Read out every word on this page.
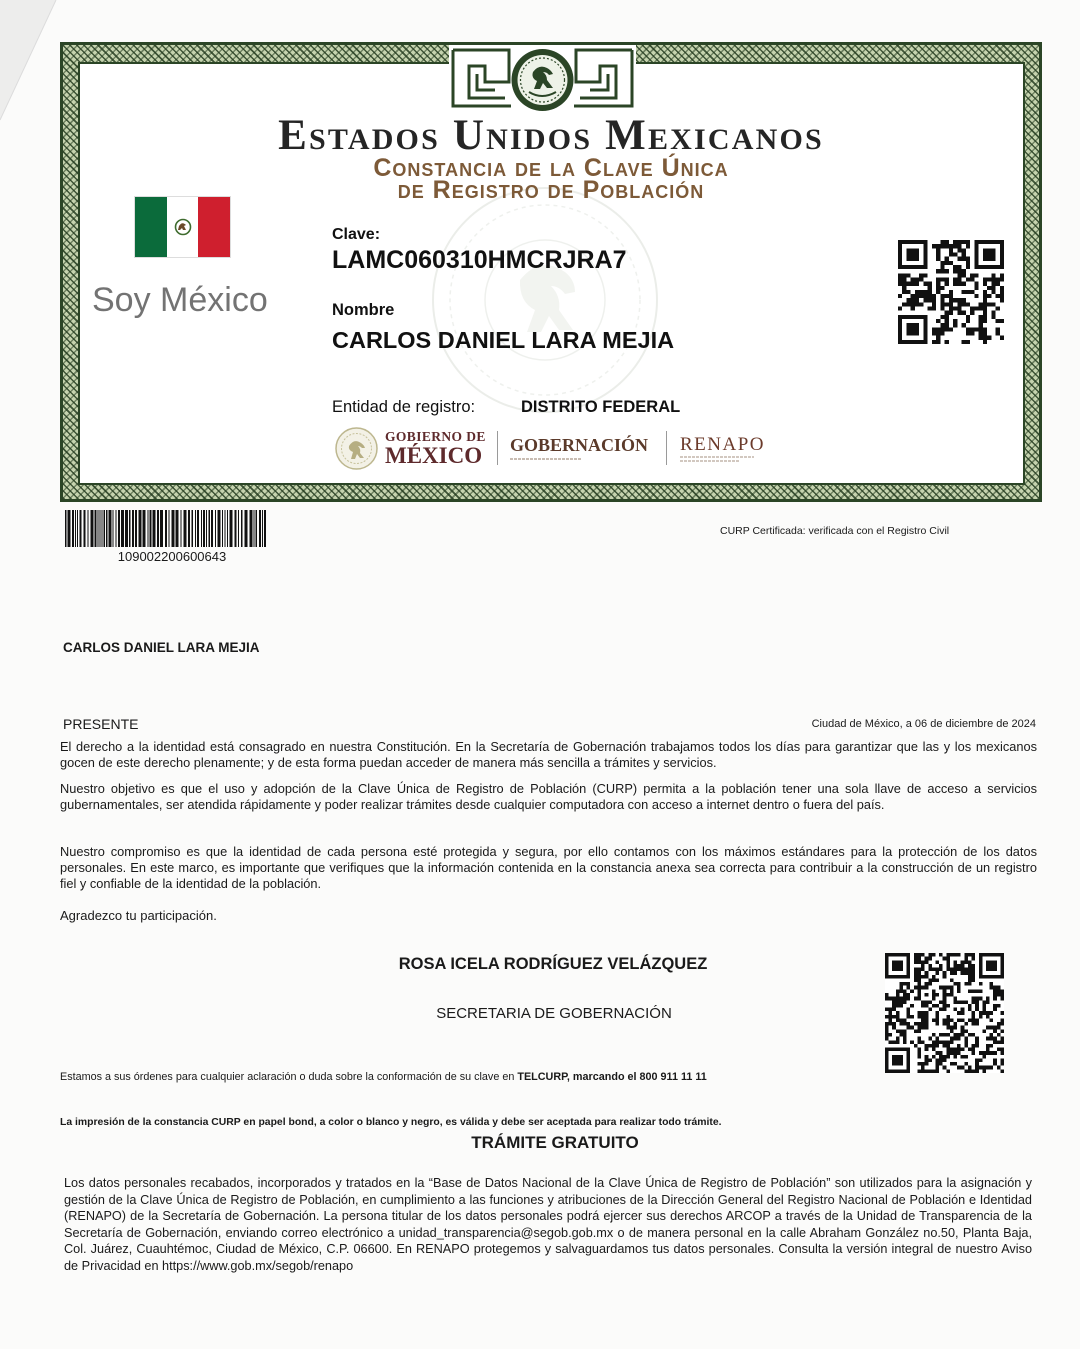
Estados Unidos Mexicanos
Constancia de la Clave Única
de Registro de Población
Soy México
Clave:
LAMC060310HMCRJRA7
Nombre
CARLOS DANIEL LARA MEJIA
Entidad de registro:	DISTRITO FEDERAL
GOBIERNO DE
MÉXICO GOBERNACIÓN RENAPO
109002200600643
CURP Certificada: verificada con el Registro Civil
CARLOS DANIEL LARA MEJIA
PRESENTE	Ciudad de México, a 06 de diciembre de 2024
El derecho a la identidad está consagrado en nuestra Constitución. En la Secretaría de Gobernación trabajamos todos los días para garantizar que las y los mexicanos gocen de este derecho plenamente; y de esta forma puedan acceder de manera más sencilla a trámites y servicios.
Nuestro objetivo es que el uso y adopción de la Clave Única de Registro de Población (CURP) permita a la población tener una sola llave de acceso a servicios gubernamentales, ser atendida rápidamente y poder realizar trámites desde cualquier computadora con acceso a internet dentro o fuera del país.
Nuestro compromiso es que la identidad de cada persona esté protegida y segura, por ello contamos con los máximos estándares para la protección de los datos personales. En este marco, es importante que verifiques que la información contenida en la constancia anexa sea correcta para contribuir a la construcción de un registro fiel y confiable de la identidad de la población.
Agradezco tu participación.
ROSA ICELA RODRÍGUEZ VELÁZQUEZ
SECRETARIA DE GOBERNACIÓN
Estamos a sus órdenes para cualquier aclaración o duda sobre la conformación de su clave en TELCURP, marcando el 800 911 11 11
La impresión de la constancia CURP en papel bond, a color o blanco y negro, es válida y debe ser aceptada para realizar todo trámite.
TRÁMITE GRATUITO
Los datos personales recabados, incorporados y tratados en la “Base de Datos Nacional de la Clave Única de Registro de Población” son utilizados para la asignación y gestión de la Clave Única de Registro de Población, en cumplimiento a las funciones y atribuciones de la Dirección General del Registro Nacional de Población e Identidad (RENAPO) de la Secretaría de Gobernación. La persona titular de los datos personales podrá ejercer sus derechos ARCOP a través de la Unidad de Transparencia de la Secretaría de Gobernación, enviando correo electrónico a unidad_transparencia@segob.gob.mx o de manera personal en la calle Abraham González no.50, Planta Baja, Col. Juárez, Cuauhtémoc, Ciudad de México, C.P. 06600. En RENAPO protegemos y salvaguardamos tus datos personales. Consulta la versión integral de nuestro Aviso de Privacidad en https://www.gob.mx/segob/renapo
